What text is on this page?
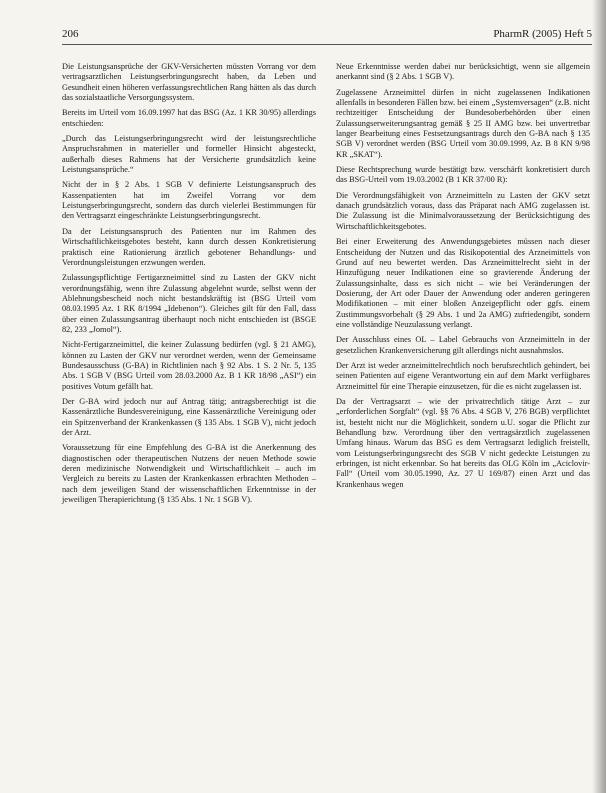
206	PharmR (2005) Heft 5

Die Leistungsansprüche der GKV-Versicherten müssten Vorrang vor dem vertragsarztlichen Leistungserbringungsrecht haben, da Leben und Gesundheit einen höheren verfassungsrechtlichen Rang hätten als das durch das sozialstaatliche Versorgungssystem.

Bereits im Urteil vom 16.09.1997 hat das BSG (Az. 1 KR 30/95) allerdings entschieden:

„Durch das Leistungserbringungsrecht wird der leistungsrechtliche Anspruchsrahmen in materieller und formeller Hinsicht abgesteckt, außerhalb dieses Rahmens hat der Versicherte grundsätzlich keine Leistungsansprüche.“

Nicht der in § 2 Abs. 1 SGB V definierte Leistungsanspruch des Kassenpatienten hat im Zweifel Vorrang vor dem Leistungserbringungsrecht, sondern das durch vielerlei Bestimmungen für den Vertragsarzt eingeschränkte Leistungserbringungsrecht.

Da der Leistungsanspruch des Patienten nur im Rahmen des Wirtschaftlichkeitsgebotes besteht, kann durch dessen Konkretisierung praktisch eine Rationierung ärztlich gebotener Behandlungs- und Verordnungsleistungen erzwungen werden.

Zulassungspflichtige Fertigarzneimittel sind zu Lasten der GKV nicht verordnungsfähig, wenn ihre Zulassung abgelehnt wurde, selbst wenn der Ablehnungsbescheid noch nicht bestandskräftig ist (BSG Urteil vom 08.03.1995 Az. 1 RK 8/1994 „Idebenon“). Gleiches gilt für den Fall, dass über einen Zulassungsantrag überhaupt noch nicht entschieden ist (BSGE 82, 233 „Jomol“).

Nicht-Fertigarzneimittel, die keiner Zulassung bedürfen (vgl. § 21 AMG), können zu Lasten der GKV nur verordnet werden, wenn der Gemeinsame Bundesausschuss (G-BA) in Richtlinien nach § 92 Abs. 1 S. 2 Nr. 5, 135 Abs. 1 SGB V (BSG Urteil vom 28.03.2000 Az. B 1 KR 18/98 „ASI“) ein positives Votum gefällt hat.

Der G-BA wird jedoch nur auf Antrag tätig; antragsberechtigt ist die Kassenärztliche Bundesvereinigung, eine Kassenärztliche Vereinigung oder ein Spitzenverband der Krankenkassen (§ 135 Abs. 1 SGB V), nicht jedoch der Arzt.

Voraussetzung für eine Empfehlung des G-BA ist die Anerkennung des diagnostischen oder therapeutischen Nutzens der neuen Methode sowie deren medizinische Notwendigkeit und Wirtschaftlichkeit – auch im Vergleich zu bereits zu Lasten der Krankenkassen erbrachten Methoden – nach dem jeweiligen Stand der wissenschaftlichen Erkenntnisse in der jeweiligen Therapierichtung (§ 135 Abs. 1 Nr. 1 SGB V).

Neue Erkenntnisse werden dabei nur berücksichtigt, wenn sie allgemein anerkannt sind (§ 2 Abs. 1 SGB V).

Zugelassene Arzneimittel dürfen in nicht zugelassenen Indikationen allenfalls in besonderen Fällen bzw. bei einem „Systemversagen“ (z.B. nicht rechtzeitiger Entscheidung der Bundesoberbehörden über einen Zulassungserweiterungsantrag gemäß § 25 II AMG bzw. bei unvertretbar langer Bearbeitung eines Festsetzungsantrags durch den G-BA nach § 135 SGB V) verordnet werden (BSG Urteil vom 30.09.1999, Az. B 8 KN 9/98 KR „SKAT“).

Diese Rechtsprechung wurde bestätigt bzw. verschärft konkretisiert durch das BSG-Urteil vom 19.03.2002 (B 1 KR 37/00 R):

Die Verordnungsfähigkeit von Arzneimitteln zu Lasten der GKV setzt danach grundsätzlich voraus, dass das Präparat nach AMG zugelassen ist. Die Zulassung ist die Minimalvoraussetzung der Berücksichtigung des Wirtschaftlichkeitsgebotes.

Bei einer Erweiterung des Anwendungsgebietes müssen nach dieser Entscheidung der Nutzen und das Risikopotential des Arzneimittels von Grund auf neu bewertet werden. Das Arzneimittelrecht sieht in der Hinzufügung neuer Indikationen eine so gravierende Änderung der Zulassungsinhalte, dass es sich nicht – wie bei Veränderungen der Dosierung, der Art oder Dauer der Anwendung oder anderen geringeren Modifikationen – mit einer bloßen Anzeigepflicht oder ggfs. einem Zustimmungsvorbehalt (§ 29 Abs. 1 und 2a AMG) zufriedengibt, sondern eine vollständige Neuzulassung verlangt.

Der Ausschluss eines OL – Label Gebrauchs von Arzneimitteln in der gesetzlichen Krankenversicherung gilt allerdings nicht ausnahmslos.

Der Arzt ist weder arzneimittelrechtlich noch berufsrechtlich gehindert, bei seinen Patienten auf eigene Verantwortung ein auf dem Markt verfügbares Arzneimittel für eine Therapie einzusetzen, für die es nicht zugelassen ist.

Da der Vertragsarzt – wie der privatrechtlich tätige Arzt – zur „erforderlichen Sorgfalt“ (vgl. §§ 76 Abs. 4 SGB V, 276 BGB) verpflichtet ist, besteht nicht nur die Möglichkeit, sondern u.U. sogar die Pflicht zur Behandlung bzw. Verordnung über den vertragsärztlich zugelassenen Umfang hinaus. Warum das BSG es dem Vertragsarzt lediglich freistellt, vom Leistungserbringungsrecht des SGB V nicht gedeckte Leistungen zu erbringen, ist nicht erkennbar. So hat bereits das OLG Köln im „Aciclovir-Fall“ (Urteil vom 30.05.1990, Az. 27 U 169/87) einen Arzt und das Krankenhaus wegen
